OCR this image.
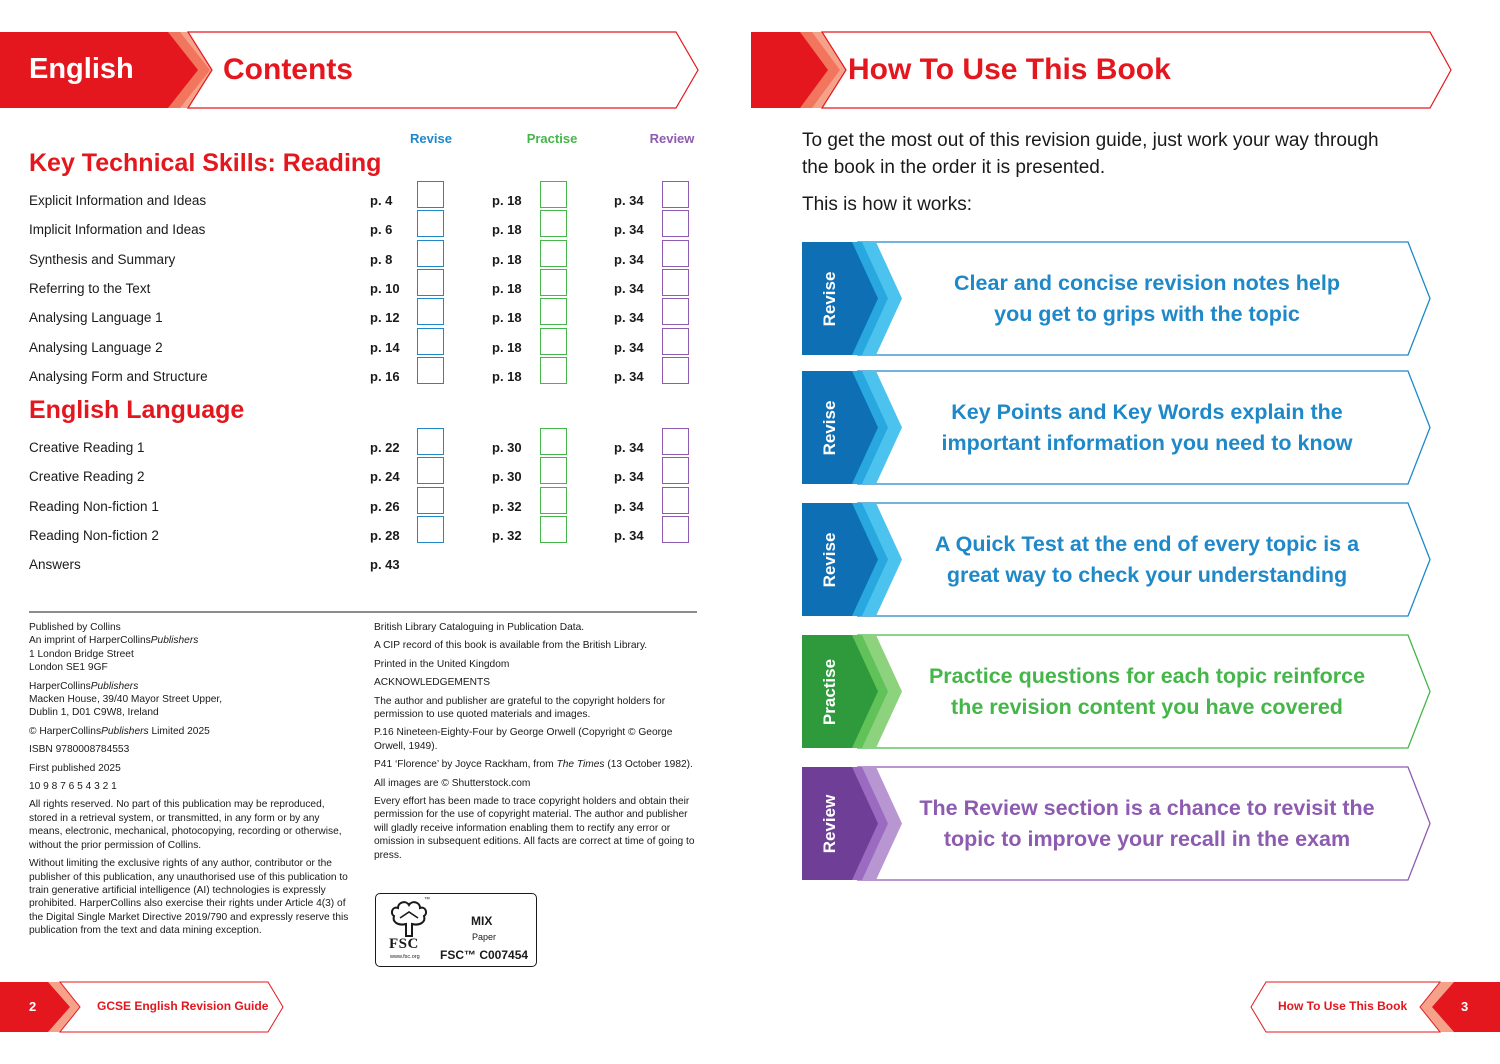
English	Contents	How To Use This Book
Revise	Practise	Review
Key Technical Skills: Reading
English Language
Explicit Information and Ideas	p. 4	p. 18	p. 34
Implicit Information and Ideas	p. 6	p. 18	p. 34
Synthesis and Summary	p. 8	p. 18	p. 34
Referring to the Text	p. 10	p. 18	p. 34
Analysing Language 1	p. 12	p. 18	p. 34
Analysing Language 2	p. 14	p. 18	p. 34
Analysing Form and Structure	p. 16	p. 18	p. 34
Creative Reading 1	p. 22	p. 30	p. 34
Creative Reading 2	p. 24	p. 30	p. 34
Reading Non-fiction 1	p. 26	p. 32	p. 34
Reading Non-fiction 2	p. 28	p. 32	p. 34
Answers	p. 43

Published by Collins
An imprint of HarperCollinsPublishers
1 London Bridge Street
London SE1 9GF

HarperCollinsPublishers
Macken House, 39/40 Mayor Street Upper,
Dublin 1, D01 C9W8, Ireland

© HarperCollinsPublishers Limited 2025

ISBN 9780008784553

First published 2025

10 9 8 7 6 5 4 3 2 1

All rights reserved. No part of this publication may be reproduced, stored in a retrieval system, or transmitted, in any form or by any means, electronic, mechanical, photocopying, recording or otherwise, without the prior permission of Collins.

Without limiting the exclusive rights of any author, contributor or the publisher of this publication, any unauthorised use of this publication to train generative artificial intelligence (AI) technologies is expressly prohibited. HarperCollins also exercise their rights under Article 4(3) of the Digital Single Market Directive 2019/790 and expressly reserve this publication from the text and data mining exception.

British Library Cataloguing in Publication Data.

A CIP record of this book is available from the British Library.

Printed in the United Kingdom

ACKNOWLEDGEMENTS

The author and publisher are grateful to the copyright holders for permission to use quoted materials and images.

P.16 Nineteen-Eighty-Four by George Orwell (Copyright © George Orwell, 1949).

P41 ‘Florence’ by Joyce Rackham, from The Times (13 October 1982).

All images are © Shutterstock.com

Every effort has been made to trace copyright holders and obtain their permission for the use of copyright material. The author and publisher will gladly receive information enabling them to rectify any error or omission in subsequent editions. All facts are correct at time of going to press.

™
FSC
www.fsc.org
MIX
Paper
FSC™ C007454
2	GCSE English Revision Guide	How To Use This Book	3
To get the most out of this revision guide, just work your way through the book in the order it is presented.
This is how it works:
Revise	Clear and concise revision notes help
you get to grips with the topic
Revise	Key Points and Key Words explain the
important information you need to know
Revise	A Quick Test at the end of every topic is a
great way to check your understanding
Practise	Practice questions for each topic reinforce
the revision content you have covered
Review	The Review section is a chance to revisit the
topic to improve your recall in the exam
